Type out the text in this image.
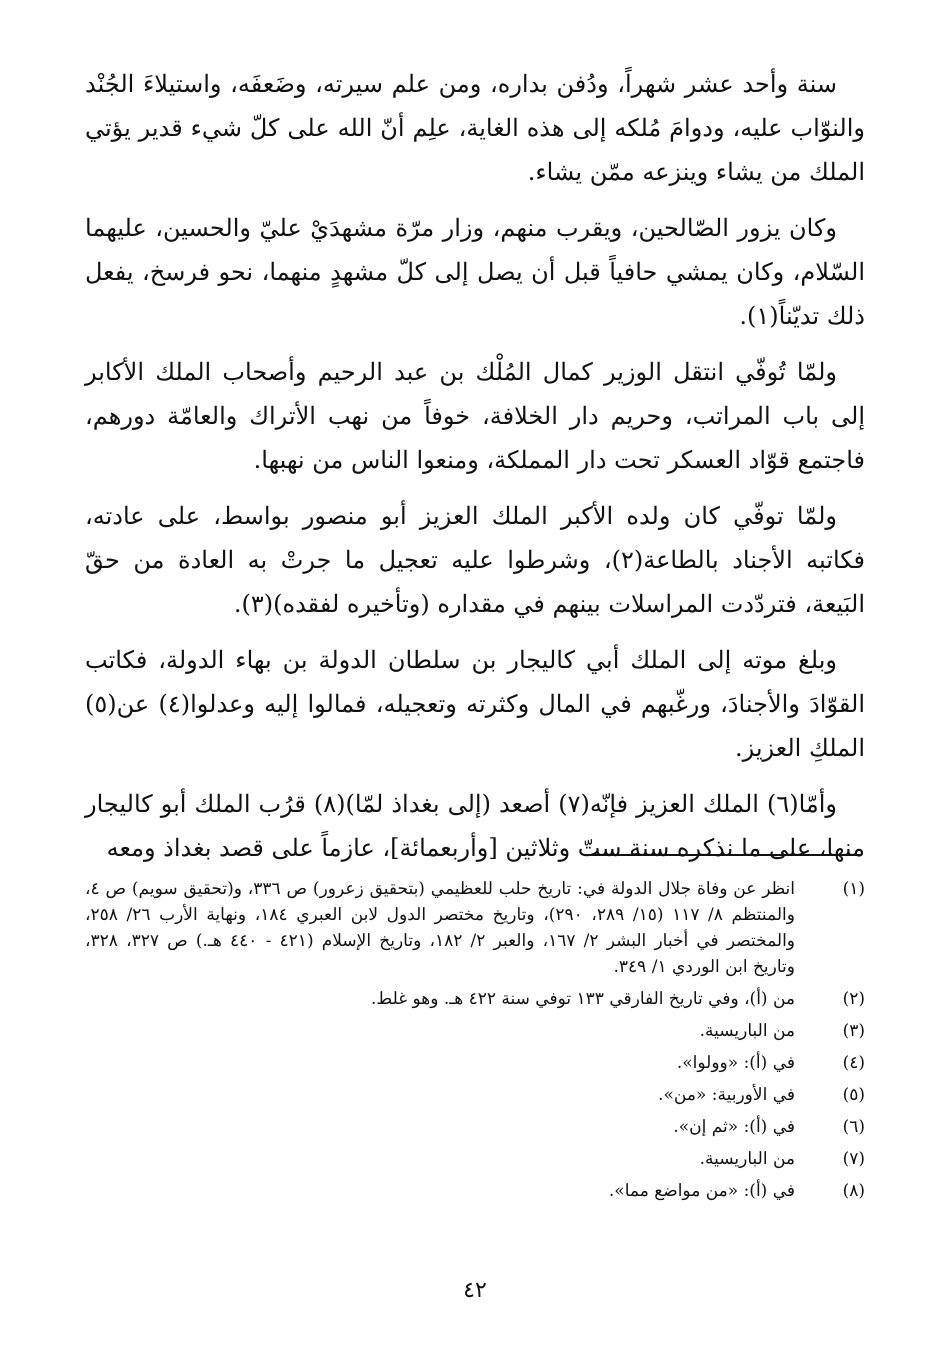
سنة وأحد عشر شهراً، ودُفن بداره، ومن علم سيرته، وضَعفَه، واستيلاءَ الجُنْد والنوّاب عليه، ودوامَ مُلكه إلى هذه الغاية، علِم أنّ الله على كلّ شيء قدير يؤتي الملك من يشاء وينزعه ممّن يشاء.

وكان يزور الصّالحين، ويقرب منهم، وزار مرّة مشهدَيْ عليّ والحسين، عليهما السّلام، وكان يمشي حافياً قبل أن يصل إلى كلّ مشهدٍ منهما، نحو فرسخ، يفعل ذلك تديّناً(١).

ولمّا تُوفّي انتقل الوزير كمال المُلْك بن عبد الرحيم وأصحاب الملك الأكابر إلى باب المراتب، وحريم دار الخلافة، خوفاً من نهب الأتراك والعامّة دورهم، فاجتمع قوّاد العسكر تحت دار المملكة، ومنعوا الناس من نهبها.

ولمّا توفّي كان ولده الأكبر الملك العزيز أبو منصور بواسط، على عادته، فكاتبه الأجناد بالطاعة(٢)، وشرطوا عليه تعجيل ما جرتْ به العادة من حقّ البَيعة، فتردّدت المراسلات بينهم في مقداره (وتأخيره لفقده)(٣).

وبلغ موته إلى الملك أبي كاليجار بن سلطان الدولة بن بهاء الدولة، فكاتب القوّادَ والأجنادَ، ورغّبهم في المال وكثرته وتعجيله، فمالوا إليه وعدلوا(٤) عن(٥) الملكِ العزيز.

وأمّا(٦) الملك العزيز فإنّه(٧) أصعد (إلى بغداذ لمّا)(٨) قرُب الملك أبو كاليجار منها، على ما نذكره سنة ستّ وثلاثين [وأربعمائة]، عازماً على قصد بغداذ ومعه

(١)
انظر عن وفاة جلال الدولة في: تاريخ حلب للعظيمي (بتحقيق زعرور) ص ٣٣٦، و(تحقيق سويم) ص ٤، والمنتظم ٨/ ١١٧ (١٥/ ٢٨٩، ٢٩٠)، وتاريخ مختصر الدول لابن العبري ١٨٤، ونهاية الأرب ٢٦/ ٢٥٨، والمختصر في أخبار البشر ٢/ ١٦٧، والعبر ٢/ ١٨٢، وتاريخ الإسلام (٤٢١ - ٤٤٠ هـ.) ص ٣٢٧، ٣٢٨، وتاريخ ابن الوردي ١/ ٣٤٩.
(٢)
من (أ)، وفي تاريخ الفارقي ١٣٣ توفي سنة ٤٢٢ هـ. وهو غلط.
(٣)
من الباريسية.
(٤)
في (أ): «وولوا».
(٥)
في الأوربية: «من».
(٦)
في (أ): «ثم إن».
(٧)
من الباريسية.
(٨)
في (أ): «من مواضع مما».
٤٢
